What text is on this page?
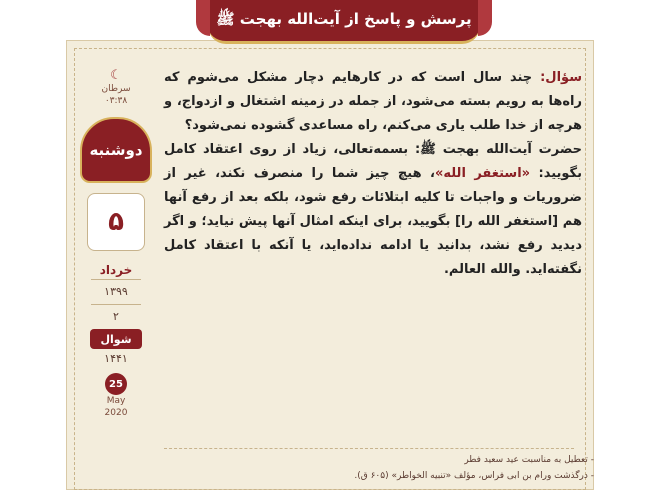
پرسش و پاسخ از آیت‌الله بهجت ﷺ
☾
سرطان
۰۳:۳۸
دوشنبه
۵
خرداد
۱۳۹۹
۲
شوال
۱۴۴۱
25
May
2020

سؤال: چند سال است که در کارهایم دچار مشکل می‌شوم که راه‌ها به رویم بسته می‌شود، از جمله در زمینه اشتغال و ازدواج، و هرچه از خدا طلب یاری می‌کنم، راه مساعدی گشوده نمی‌شود؟

حضرت آیت‌الله بهجت ﷺ: بسمه‌تعالی، زیاد از روی اعتقاد کامل بگویید: «استغفر الله»، هیچ چیز شما را منصرف نکند، غیر از ضروریات و واجبات تا کلیه ابتلائات رفع شود، بلکه بعد از رفع آنها هم [استغفر الله را] بگویید، برای اینکه امثال آنها پیش نیاید؛ و اگر دیدید رفع نشد، بدانید یا ادامه نداده‌اید، یا آنکه با اعتقاد کامل نگفته‌اید. والله العالم.

- تعطیل به مناسبت عید سعید فطر
- درگذشت ورام بن ابی فراس، مؤلف «تنبیه الخواطر» (۶۰۵ ق).
